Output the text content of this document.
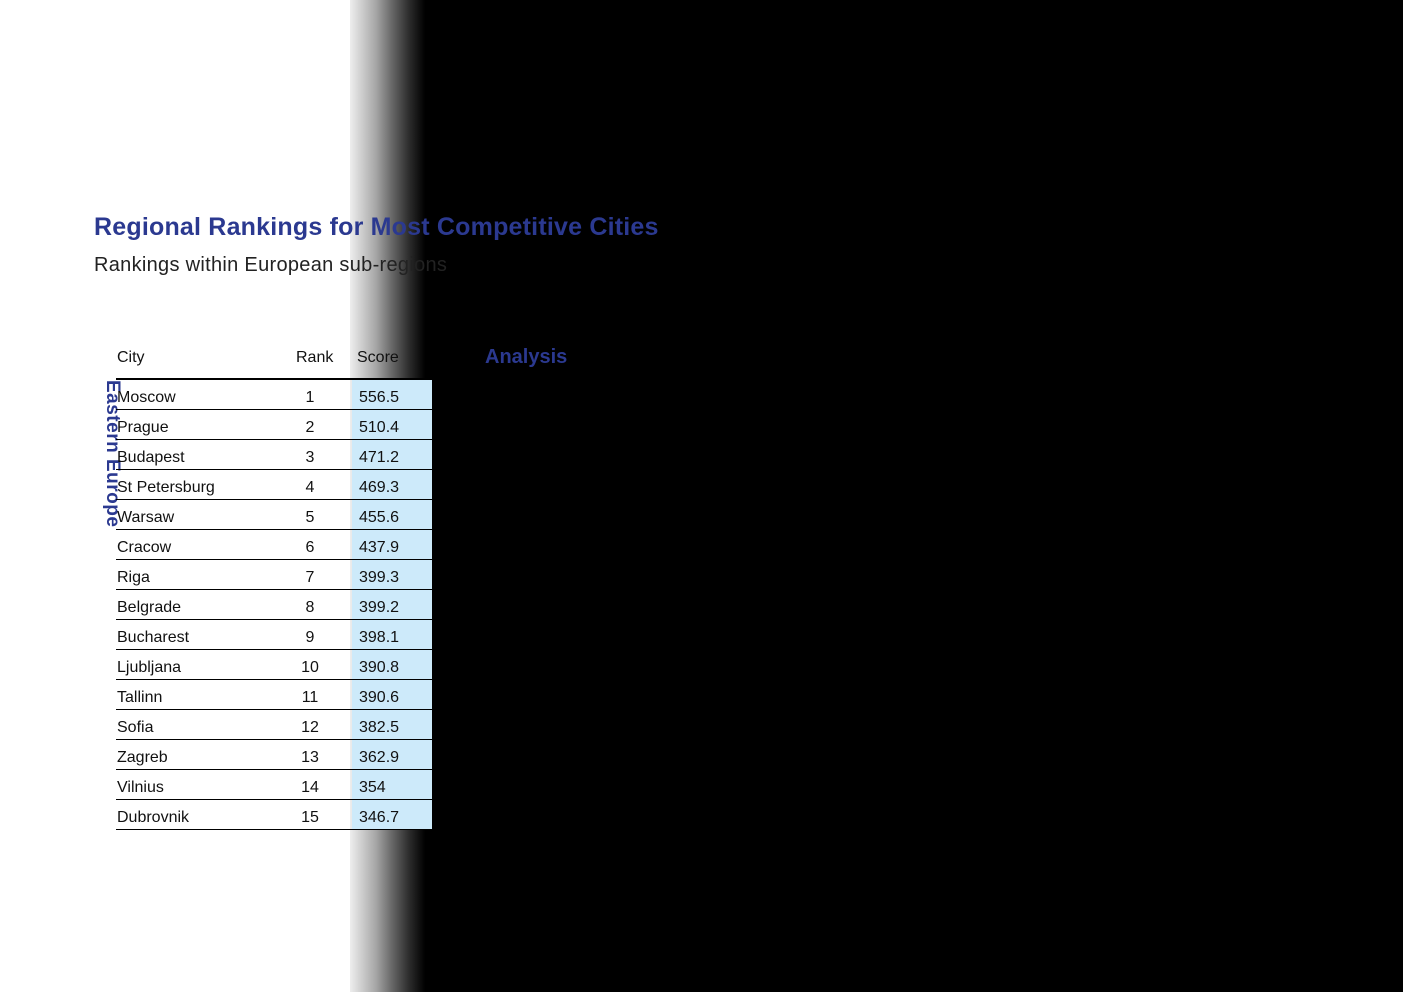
Regional Rankings for Most Competitive Cities
Rankings within European sub-regions
Eastern Europe
Analysis
City	Rank Score
Moscow	1	556.5
Prague	2	510.4
Budapest	3	471.2
St Petersburg	4	469.3
Warsaw	5	455.6
Cracow	6	437.9
Riga	7	399.3
Belgrade	8	399.2
Bucharest	9	398.1
Ljubljana	10	390.8
Tallinn	11	390.6
Sofia	12	382.5
Zagreb	13	362.9
Vilnius	14	354
Dubrovnik	15	346.7
